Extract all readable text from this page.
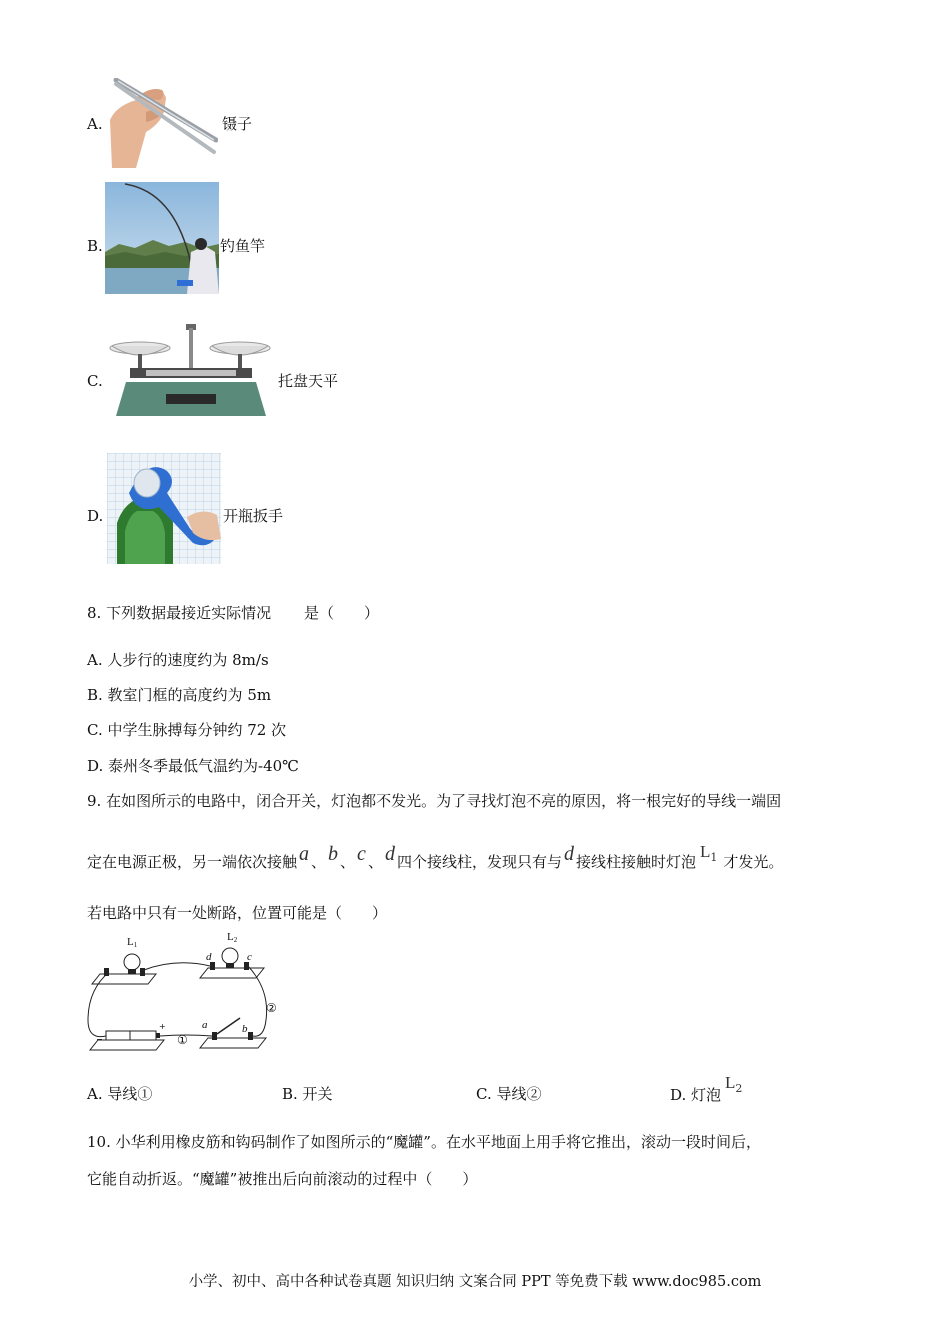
A.	镊子
B.	钓鱼竿
C.	托盘天平
D.	开瓶扳手
8. 下列数据最接近实际情况 是（　　）
A. 人步行的速度约为 8m/s
B. 教室门框的高度约为 5m
C. 中学生脉搏每分钟约 72 次
D. 泰州冬季最低气温约为-40℃
9. 在如图所示的电路中，闭合开关，灯泡都不发光。为了寻找灯泡不亮的原因，将一根完好的导线一端固
定在电源正极，另一端依次接触 a 、 b 、 c 、 d 四个接线柱，发现只有与 d 接线柱接触时灯泡$L^1$ 才发光。
若电路中只有一处断路，位置可能是（　　）
L1
L2
d	c
a	b
①
②
+
−
A. 导线①	B. 开关	C. 导线②	D. 灯泡L2
10. 小华利用橡皮筋和钩码制作了如图所示的“魔罐”。在水平地面上用手将它推出，滚动一段时间后，
它能自动折返。“魔罐”被推出后向前滚动的过程中（　　）
小学、初中、高中各种试卷真题 知识归纳 文案合同 PPT 等免费下载 www.doc985.com
